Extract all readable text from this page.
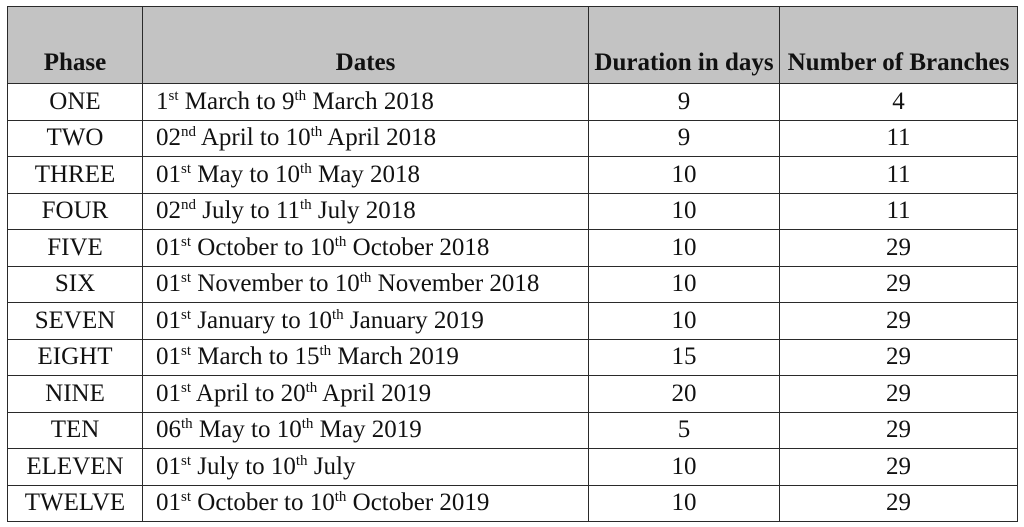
Phase	Dates	Duration in days	Number of Branches
ONE	1st March to 9th March 2018	9	4
TWO	02nd April to 10th April 2018	9	11
THREE	01st May to 10th May 2018	10	11
FOUR	02nd July to 11th July 2018	10	11
FIVE	01st October to 10th October 2018	10	29
SIX	01st November to 10th November 2018	10	29
SEVEN	01st January to 10th January 2019	10	29
EIGHT	01st March to 15th March 2019	15	29
NINE	01st April to 20th April 2019	20	29
TEN	06th May to 10th May 2019	5	29
ELEVEN	01st July to 10th July	10	29
TWELVE	01st October to 10th October 2019	10	29
